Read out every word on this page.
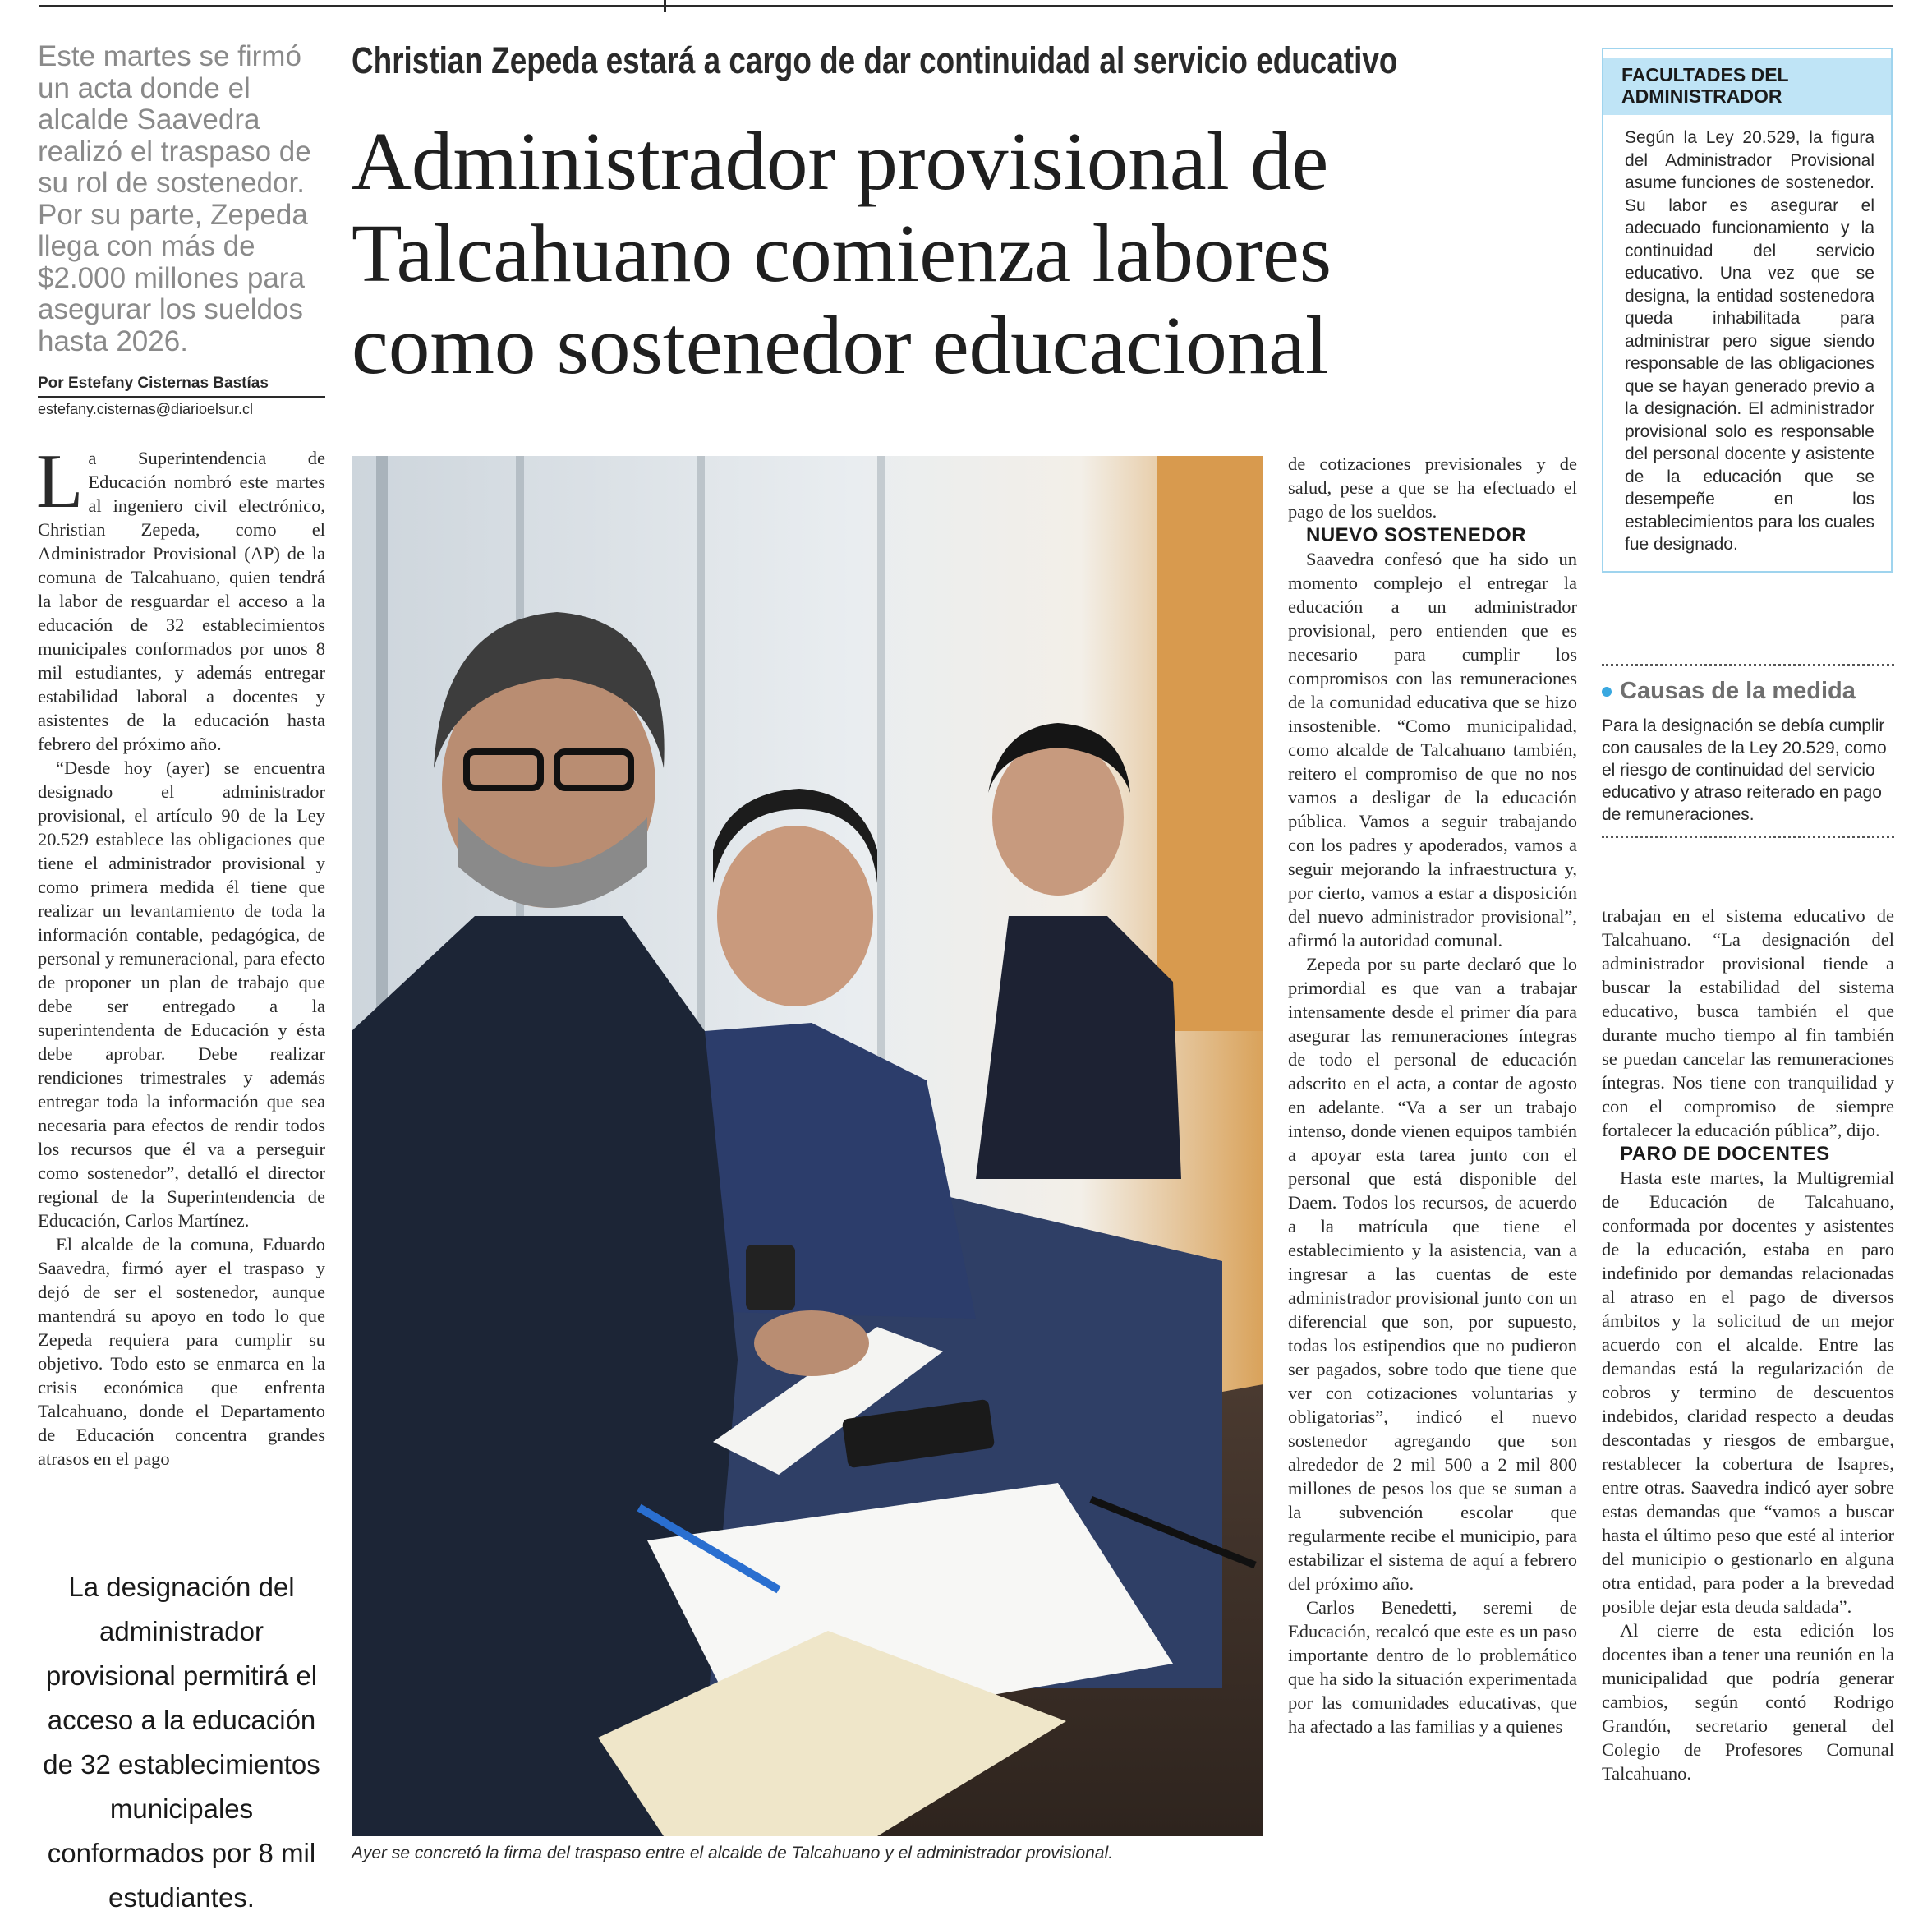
Este martes se firmó un acta donde el alcalde Saavedra realizó el traspaso de su rol de sostenedor. Por su parte, Zepeda llega con más de $2.000 millones para asegurar los sueldos hasta 2026.
Por Estefany Cisternas Bastías
estefany.cisternas@diarioelsur.cl
Christian Zepeda estará a cargo de dar continuidad al servicio educativo
Administrador provisional de
Talcahuano comienza labores
como sostenedor educacional

La Superintendencia de Educación nombró este martes al ingeniero civil electrónico, Christian Zepeda, como el Administrador Provisional (AP) de la comuna de Talcahuano, quien tendrá la labor de resguardar el acceso a la educación de 32 establecimientos municipales conformados por unos 8 mil estudiantes, y además entregar estabilidad laboral a docentes y asistentes de la educación hasta febrero del próximo año.

“Desde hoy (ayer) se encuentra designado el administrador provisional, el artículo 90 de la Ley 20.529 establece las obligaciones que tiene el administrador provisional y como primera medida él tiene que realizar un levantamiento de toda la información contable, pedagógica, de personal y remuneracional, para efecto de proponer un plan de trabajo que debe ser entregado a la superintendenta de Educación y ésta debe aprobar. Debe realizar rendiciones trimestrales y además entregar toda la información que sea necesaria para efectos de rendir todos los recursos que él va a perseguir como sostenedor”, detalló el director regional de la Superintendencia de Educación, Carlos Martínez.

El alcalde de la comuna, Eduardo Saavedra, firmó ayer el traspaso y dejó de ser el sostenedor, aunque mantendrá su apoyo en todo lo que Zepeda requiera para cumplir su objetivo. Todo esto se enmarca en la crisis económica que enfrenta Talcahuano, donde el Departamento de Educación concentra grandes atrasos en el pago

La designación del administrador provisional permitirá el acceso a la educación de 32 establecimientos municipales conformados por 8 mil estudiantes.
Ayer se concretó la firma del traspaso entre el alcalde de Talcahuano y el administrador provisional.

de cotizaciones previsionales y de salud, pese a que se ha efectuado el pago de los sueldos.

NUEVO SOSTENEDOR

Saavedra confesó que ha sido un momento complejo el entregar la educación a un administrador provisional, pero entienden que es necesario para cumplir los compromisos con las remuneraciones de la comunidad educativa que se hizo insostenible. “Como municipalidad, como alcalde de Talcahuano también, reitero el compromiso de que no nos vamos a desligar de la educación pública. Vamos a seguir trabajando con los padres y apoderados, vamos a seguir mejorando la infraestructura y, por cierto, vamos a estar a disposición del nuevo administrador provisional”, afirmó la autoridad comunal.

Zepeda por su parte declaró que lo primordial es que van a trabajar intensamente desde el primer día para asegurar las remuneraciones íntegras de todo el personal de educación adscrito en el acta, a contar de agosto en adelante. “Va a ser un trabajo intenso, donde vienen equipos también a apoyar esta tarea junto con el personal que está disponible del Daem. Todos los recursos, de acuerdo a la matrícula que tiene el establecimiento y la asistencia, van a ingresar a las cuentas de este administrador provisional junto con un diferencial que son, por supuesto, todas los estipendios que no pudieron ser pagados, sobre todo que tiene que ver con cotizaciones voluntarias y obligatorias”, indicó el nuevo sostenedor agregando que son alrededor de 2 mil 500 a 2 mil 800 millones de pesos los que se suman a la subvención escolar que regularmente recibe el municipio, para estabilizar el sistema de aquí a febrero del próximo año.

Carlos Benedetti, seremi de Educación, recalcó que este es un paso importante dentro de lo problemático que ha sido la situación experimentada por las comunidades educativas, que ha afectado a las familias y a quienes

FACULTADES DEL
ADMINISTRADOR
Según la Ley 20.529, la figura del Administrador Provisional asume funciones de sostenedor. Su labor es asegurar el adecuado funcionamiento y la continuidad del servicio educativo. Una vez que se designa, la entidad sostenedora queda inhabilitada para administrar pero sigue siendo responsable de las obligaciones que se hayan generado previo a la designación. El administrador provisional solo es responsable del personal docente y asistente de la educación que se desempeñe en los establecimientos para los cuales fue designado.
Causas de la medida
Para la designación se debía cumplir con causales de la Ley 20.529, como el riesgo de continuidad del servicio educativo y atraso reiterado en pago de remuneraciones.

trabajan en el sistema educativo de Talcahuano. “La designación del administrador provisional tiende a buscar la estabilidad del sistema educativo, busca también el que durante mucho tiempo al fin también se puedan cancelar las remuneraciones íntegras. Nos tiene con tranquilidad y con el compromiso de siempre fortalecer la educación pública”, dijo.

PARO DE DOCENTES

Hasta este martes, la Multigremial de Educación de Talcahuano, conformada por docentes y asistentes de la educación, estaba en paro indefinido por demandas relacionadas al atraso en el pago de diversos ámbitos y la solicitud de un mejor acuerdo con el alcalde. Entre las demandas está la regularización de cobros y termino de descuentos indebidos, claridad respecto a deudas descontadas y riesgos de embargue, restablecer la cobertura de Isapres, entre otras. Saavedra indicó ayer sobre estas demandas que “vamos a buscar hasta el último peso que esté al interior del municipio o gestionarlo en alguna otra entidad, para poder a la brevedad posible dejar esta deuda saldada”.

Al cierre de esta edición los docentes iban a tener una reunión en la municipalidad que podría generar cambios, según contó Rodrigo Grandón, secretario general del Colegio de Profesores Comunal Talcahuano.
